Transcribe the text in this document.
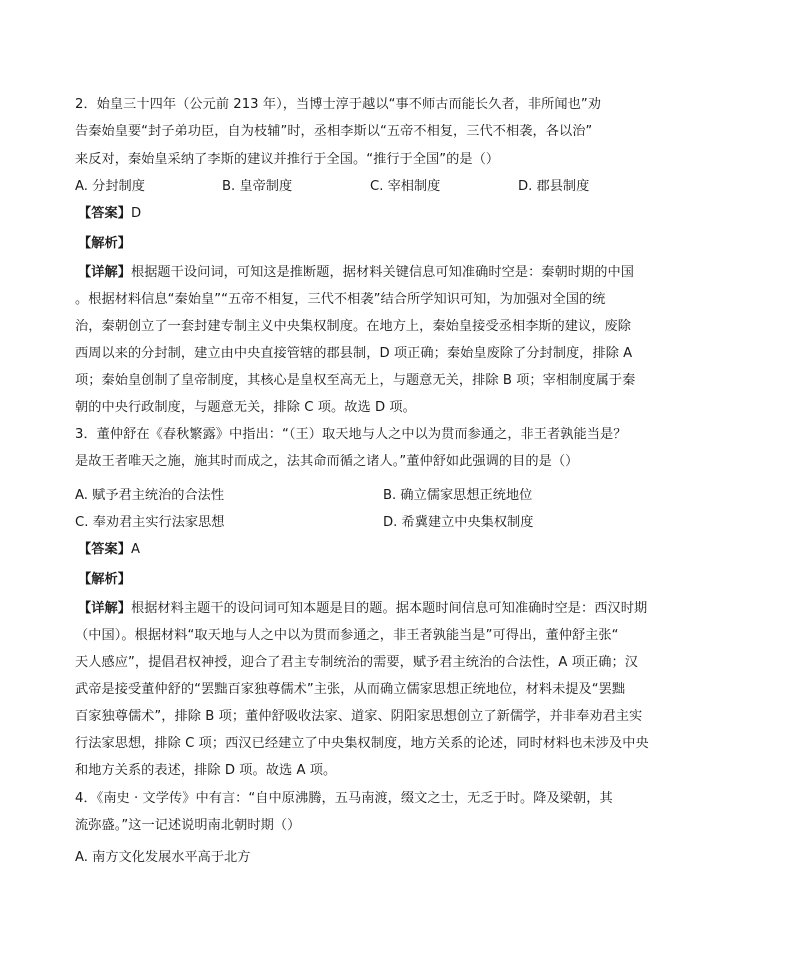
2．始皇三十四年（公元前 213 年），当博士淳于越以“事不师古而能长久者，非所闻也”劝
告秦始皇要“封子弟功臣，自为枝辅”时，丞相李斯以“五帝不相复，三代不相袭，各以治”
来反对，秦始皇采纳了李斯的建议并推行于全国。“推行于全国”的是（）
A. 分封制度	B. 皇帝制度	C. 宰相制度	D. 郡县制度
【答案】D
【解析】
【详解】根据题干设问词，可知这是推断题，据材料关键信息可知准确时空是：秦朝时期的中国
。根据材料信息“秦始皇”“五帝不相复，三代不相袭”结合所学知识可知，为加强对全国的统
治，秦朝创立了一套封建专制主义中央集权制度。在地方上，秦始皇接受丞相李斯的建议，废除
西周以来的分封制，建立由中央直接管辖的郡县制，D 项正确；秦始皇废除了分封制度，排除 A
项；秦始皇创制了皇帝制度，其核心是皇权至高无上，与题意无关，排除 B 项；宰相制度属于秦
朝的中央行政制度，与题意无关，排除 C 项。故选 D 项。
3．董仲舒在《春秋繁露》中指出：“（王）取天地与人之中以为贯而参通之，非王者孰能当是？
是故王者唯天之施，施其时而成之，法其命而循之诸人。”董仲舒如此强调的目的是（）
A. 赋予君主统治的合法性	B. 确立儒家思想正统地位
C. 奉劝君主实行法家思想	D. 希冀建立中央集权制度
【答案】A
【解析】
【详解】根据材料主题干的设问词可知本题是目的题。据本题时间信息可知准确时空是：西汉时期
（中国）。根据材料“取天地与人之中以为贯而参通之，非王者孰能当是”可得出，董仲舒主张“
天人感应”，提倡君权神授，迎合了君主专制统治的需要，赋予君主统治的合法性，A 项正确；汉
武帝是接受董仲舒的“罢黜百家独尊儒术”主张，从而确立儒家思想正统地位，材料未提及“罢黜
百家独尊儒术”，排除 B 项；董仲舒吸收法家、道家、阴阳家思想创立了新儒学，并非奉劝君主实
行法家思想，排除 C 项；西汉已经建立了中央集权制度，地方关系的论述，同时材料也未涉及中央
和地方关系的表述，排除 D 项。故选 A 项。
4．《南史 · 文学传》中有言：“自中原沸腾，五马南渡，缀文之士，无乏于时。降及梁朝，其
流弥盛。”这一记述说明南北朝时期（）
A. 南方文化发展水平高于北方
